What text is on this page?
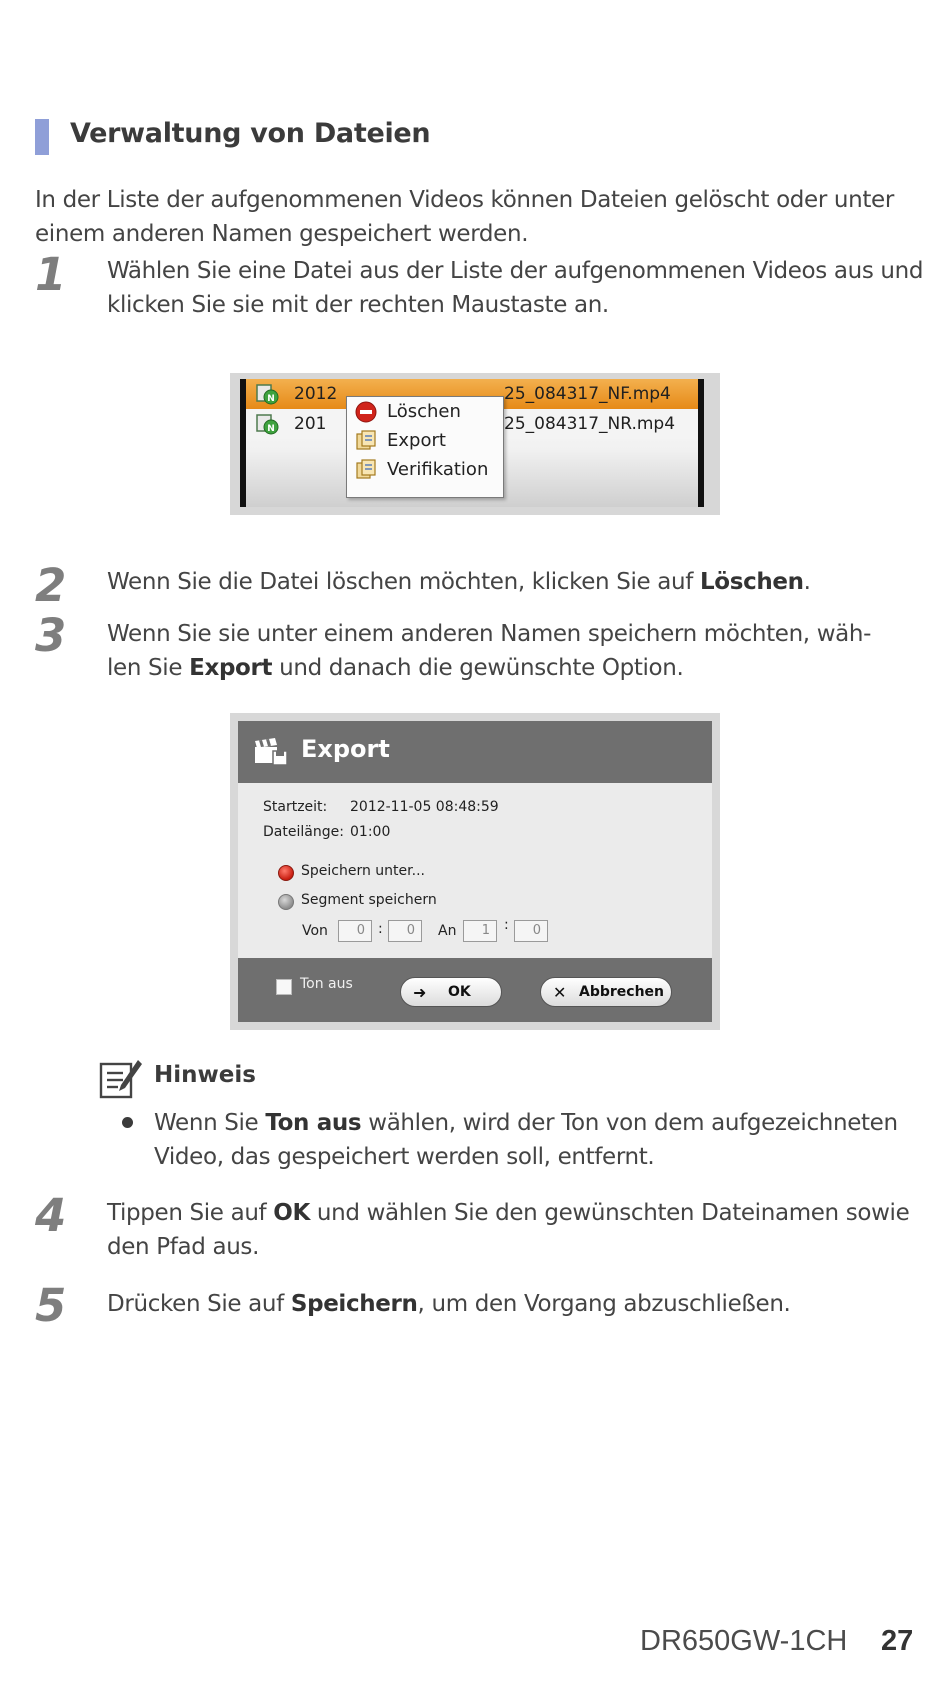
Verwaltung von Dateien
In der Liste der aufgenommenen Videos können Dateien gelöscht oder unter einem anderen Namen gespeichert werden.
1 Wählen Sie eine Datei aus der Liste der aufgenommenen Videos aus und
klicken Sie sie mit der rechten Maustaste an.
N 2012	25_084317_NF.mp4
N 201	25_084317_NR.mp4
Löschen
Export
Verifikation
2 Wenn Sie die Datei löschen möchten, klicken Sie auf Löschen.
3 Wenn Sie sie unter einem anderen Namen speichern möchten, wäh-
len Sie Export und danach die gewünschte Option.
Export
Startzeit: 2012-11-05 08:48:59
Dateilänge: 01:00
Speichern unter...
Segment speichern
Von	0 :	0	An	1	:	0
Ton aus	➜ OK	✕ Abbrechen
Hinweis
Wenn Sie Ton aus wählen, wird der Ton von dem aufgezeichneten
Video, das gespeichert werden soll, entfernt.
4 Tippen Sie auf OK und wählen Sie den gewünschten Dateinamen sowie
den Pfad aus.
5 Drücken Sie auf Speichern, um den Vorgang abzuschließen.
DR650GW-1CH 27
